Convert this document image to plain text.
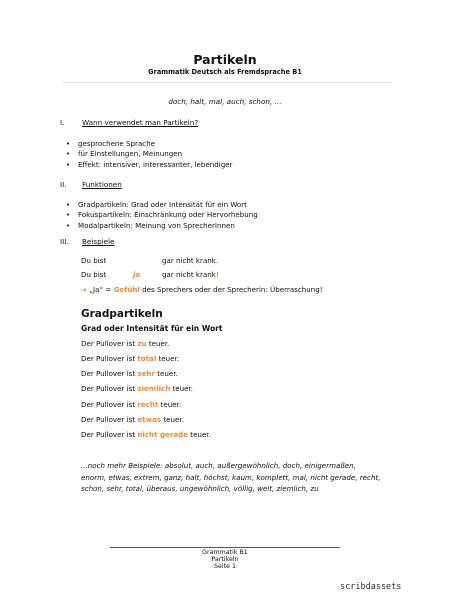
Partikeln
Grammatik Deutsch als Fremdsprache B1
doch, halt, mal, auch, schon, …
I. Wann verwendet man Partikeln?
• gesprochene Sprache
• für Einstellungen, Meinungen
• Effekt: intensiver, interessanter, lebendiger
II. Funktionen
• Gradpartikeln: Grad oder Intensität für ein Wort
• Fokuspartikeln: Einschränkung oder Hervorhebung
• Modalpartikeln: Meinung von SprecherInnen
III. Beispiele
Du bist	gar nicht krank.
Du bist	ja	gar nicht krank!
➔ „Ja“ = Gefühl des Sprechers oder der Sprecherin: Überraschung!
Gradpartikeln
Grad oder Intensität für ein Wort
Der Pullover ist zu teuer.
Der Pullover ist total teuer.
Der Pullover ist sehr teuer.
Der Pullover ist ziemlich teuer.
Der Pullover ist recht teuer.
Der Pullover ist etwas teuer.
Der Pullover ist nicht gerade teuer.
...noch mehr Beispiele: absolut, auch, außergewöhnlich, doch, einigermaßen, enorm, etwas, extrem, ganz, halt, höchst, kaum, komplett, mal, nicht gerade, recht, schon, sehr, total, überaus, ungewöhnlich, völlig, weit, ziemlich, zu
Grammatik B1
Partikeln
Seite 1
scribdassets
